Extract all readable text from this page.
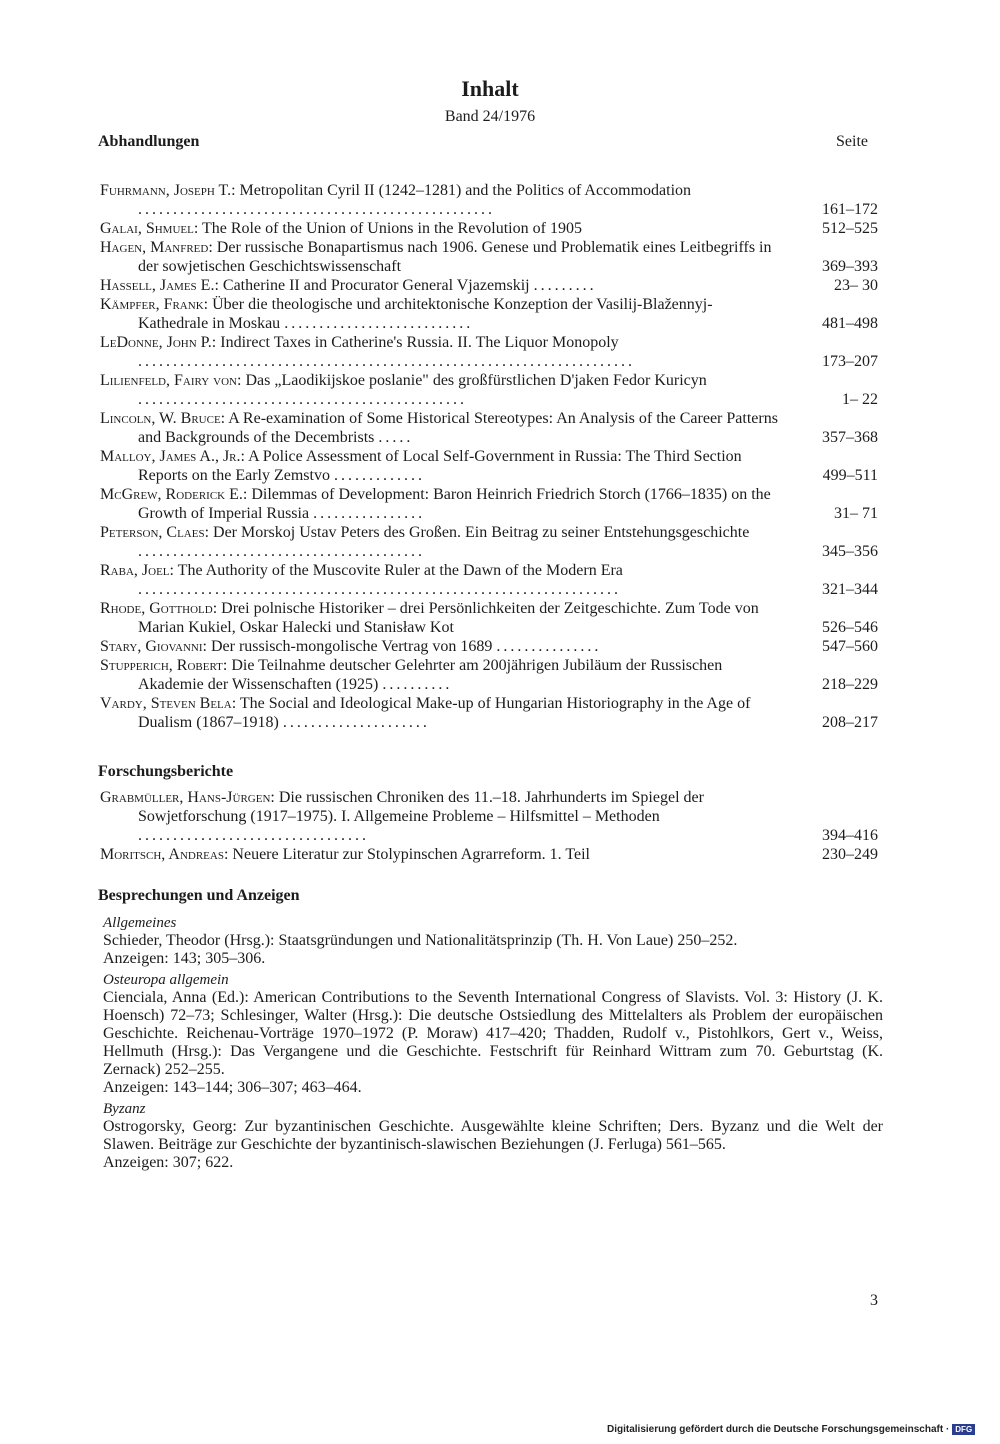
Inhalt
Band 24/1976
Abhandlungen	Seite
Fuhrmann, Joseph T.: Metropolitan Cyril II (1242–1281) and the Politics of Accommodation ...................................................	161–172
Galai, Shmuel: The Role of the Union of Unions in the Revolution of 1905	512–525
Hagen, Manfred: Der russische Bonapartismus nach 1906. Genese und Problematik eines Leitbegriffs in der sowjetischen Geschichtswissenschaft	369–393
Hassell, James E.: Catherine II and Procurator General Vjazemskij .........	23– 30
Kämpfer, Frank: Über die theologische und architektonische Konzeption der Vasilij-Blažennyj-Kathedrale in Moskau ...........................	481–498
LeDonne, John P.: Indirect Taxes in Catherine's Russia. II. The Liquor Monopoly .......................................................................	173–207
Lilienfeld, Fairy von: Das „Laodikijskoe poslanie" des großfürstlichen D'jaken Fedor Kuricyn ...............................................	1– 22
Lincoln, W. Bruce: A Re-examination of Some Historical Stereotypes: An Analysis of the Career Patterns and Backgrounds of the Decembrists .....	357–368
Malloy, James A., Jr.: A Police Assessment of Local Self-Government in Russia: The Third Section Reports on the Early Zemstvo .............	499–511
McGrew, Roderick E.: Dilemmas of Development: Baron Heinrich Friedrich Storch (1766–1835) on the Growth of Imperial Russia ................	31– 71
Peterson, Claes: Der Morskoj Ustav Peters des Großen. Ein Beitrag zu seiner Entstehungsgeschichte .........................................	345–356
Raba, Joel: The Authority of the Muscovite Ruler at the Dawn of the Modern Era .....................................................................	321–344
Rhode, Gotthold: Drei polnische Historiker – drei Persönlichkeiten der Zeitgeschichte. Zum Tode von Marian Kukiel, Oskar Halecki und Stanisław Kot	526–546
Stary, Giovanni: Der russisch-mongolische Vertrag von 1689 ...............	547–560
Stupperich, Robert: Die Teilnahme deutscher Gelehrter am 200jährigen Jubiläum der Russischen Akademie der Wissenschaften (1925) ..........	218–229
Vardy, Steven Bela: The Social and Ideological Make-up of Hungarian Historiography in the Age of Dualism (1867–1918) .....................	208–217
Forschungsberichte
Grabmüller, Hans-Jürgen: Die russischen Chroniken des 11.–18. Jahrhunderts im Spiegel der Sowjetforschung (1917–1975). I. Allgemeine Probleme – Hilfsmittel – Methoden .................................	394–416
Moritsch, Andreas: Neuere Literatur zur Stolypinschen Agrarreform. 1. Teil	230–249
Besprechungen und Anzeigen
Allgemeines
Schieder, Theodor (Hrsg.): Staatsgründungen und Nationalitätsprinzip (Th. H. Von Laue) 250–252.
Anzeigen: 143; 305–306.
Osteuropa allgemein
Cienciala, Anna (Ed.): American Contributions to the Seventh International Congress of Slavists. Vol. 3: History (J. K. Hoensch) 72–73; Schlesinger, Walter (Hrsg.): Die deutsche Ostsiedlung des Mittelalters als Problem der europäischen Geschichte. Reichenau-Vorträge 1970–1972 (P. Moraw) 417–420; Thadden, Rudolf v., Pistohlkors, Gert v., Weiss, Hellmuth (Hrsg.): Das Vergangene und die Geschichte. Festschrift für Reinhard Wittram zum 70. Geburtstag (K. Zernack) 252–255.
Anzeigen: 143–144; 306–307; 463–464.
Byzanz
Ostrogorsky, Georg: Zur byzantinischen Geschichte. Ausgewählte kleine Schriften; Ders. Byzanz und die Welt der Slawen. Beiträge zur Geschichte der byzantinisch-slawischen Beziehungen (J. Ferluga) 561–565.
Anzeigen: 307; 622.
3
Digitalisierung gefördert durch die Deutsche Forschungsgemeinschaft · DFG
